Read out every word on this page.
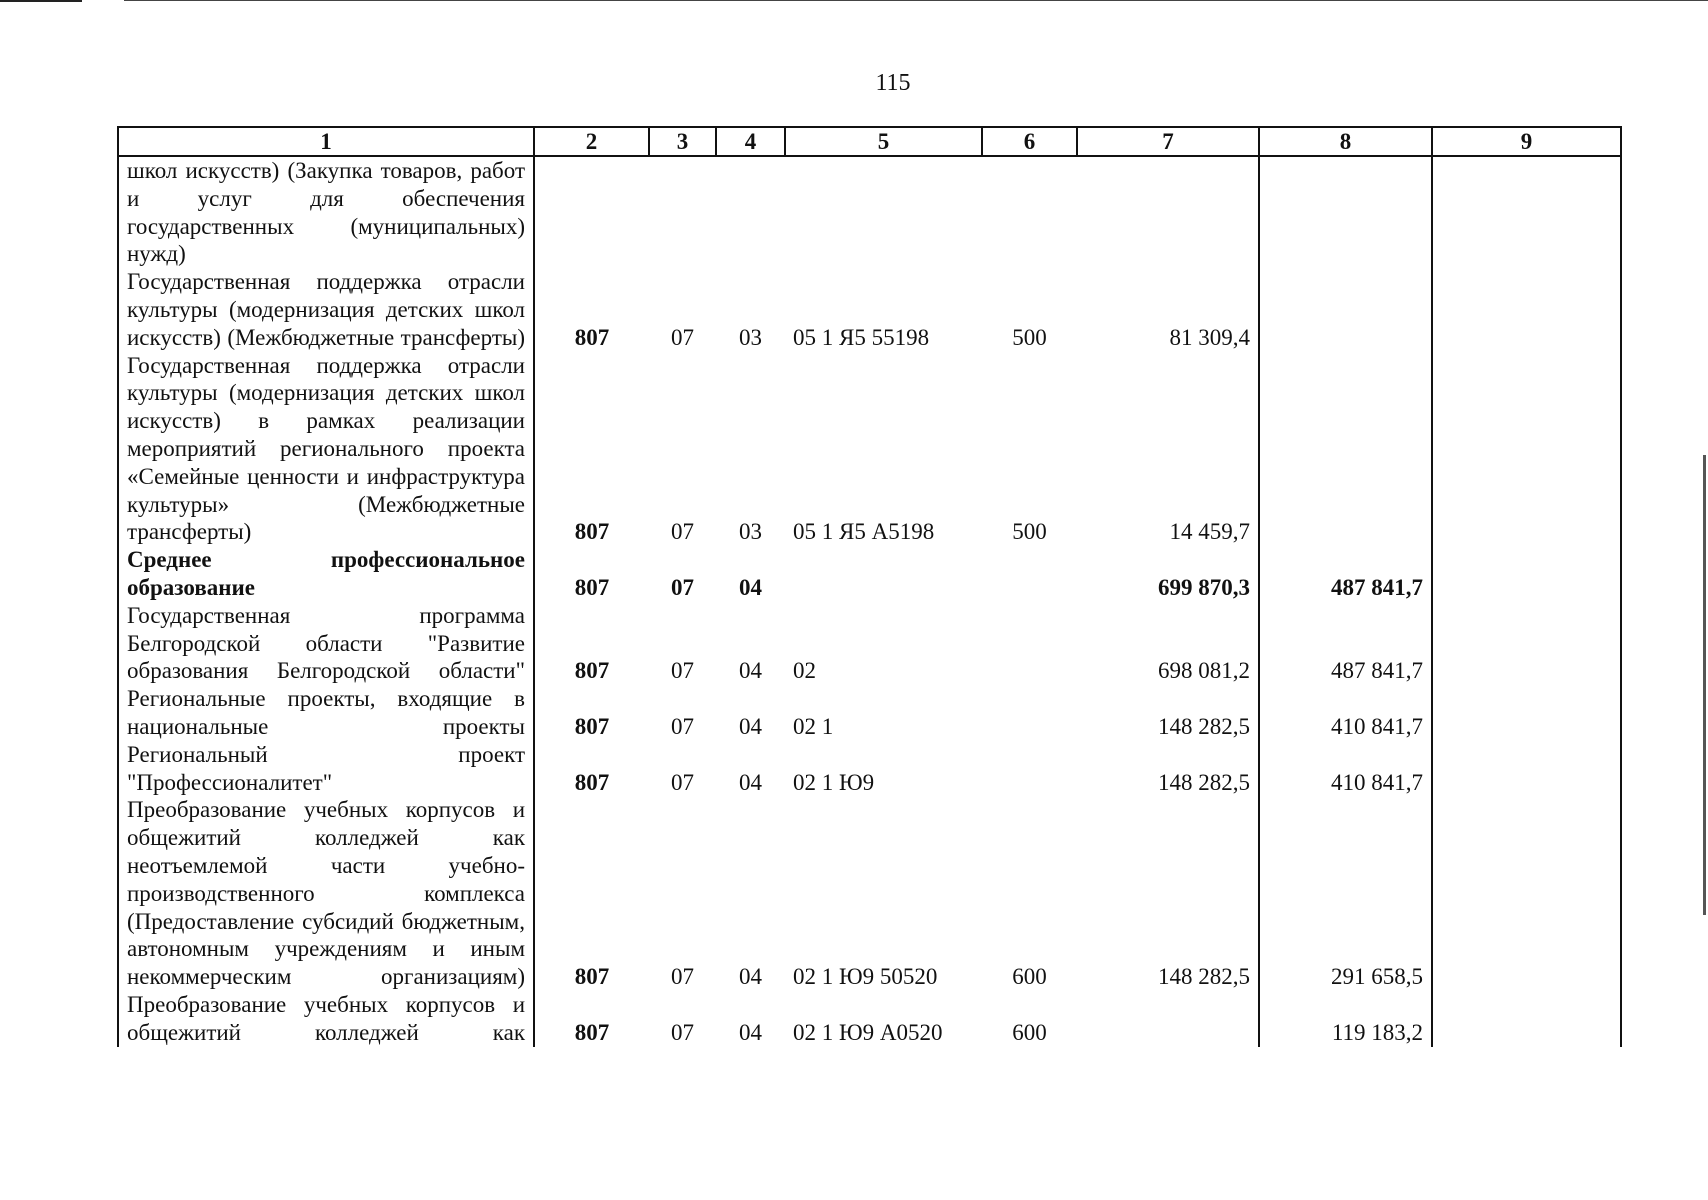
115
1	2	3	4	5	6	7	8	9
школ искусств) (Закупка товаров, работ и услуг для обеспечения государственных (муниципальных) нужд)								
Государственная поддержка отрасли культуры (модернизация детских школ искусств) (Межбюджетные трансферты)	807	07	03	05 1 Я5 55198	500	81 309,4		
Государственная поддержка отрасли культуры (модернизация детских школ искусств) в рамках реализации мероприятий регионального проекта «Семейные ценности и инфраструктура культуры» (Межбюджетные трансферты)	807	07	03	05 1 Я5 А5198	500	14 459,7		
Среднее профессиональное образование	807	07	04			699 870,3	487 841,7	
Государственная программа Белгородской области "Развитие образования Белгородской области"	807	07	04	02		698 081,2	487 841,7	
Региональные проекты, входящие в национальные проекты	807	07	04	02 1		148 282,5	410 841,7	
Региональный проект "Профессионалитет"	807	07	04	02 1 Ю9		148 282,5	410 841,7	
Преобразование учебных корпусов и общежитий колледжей как неотъемлемой части учебно-производственного комплекса (Предоставление субсидий бюджетным, автономным учреждениям и иным некоммерческим организациям)	807	07	04	02 1 Ю9 50520	600	148 282,5	291 658,5	
Преобразование учебных корпусов и общежитий колледжей как	807	07	04	02 1 Ю9 А0520	600		119 183,2	
